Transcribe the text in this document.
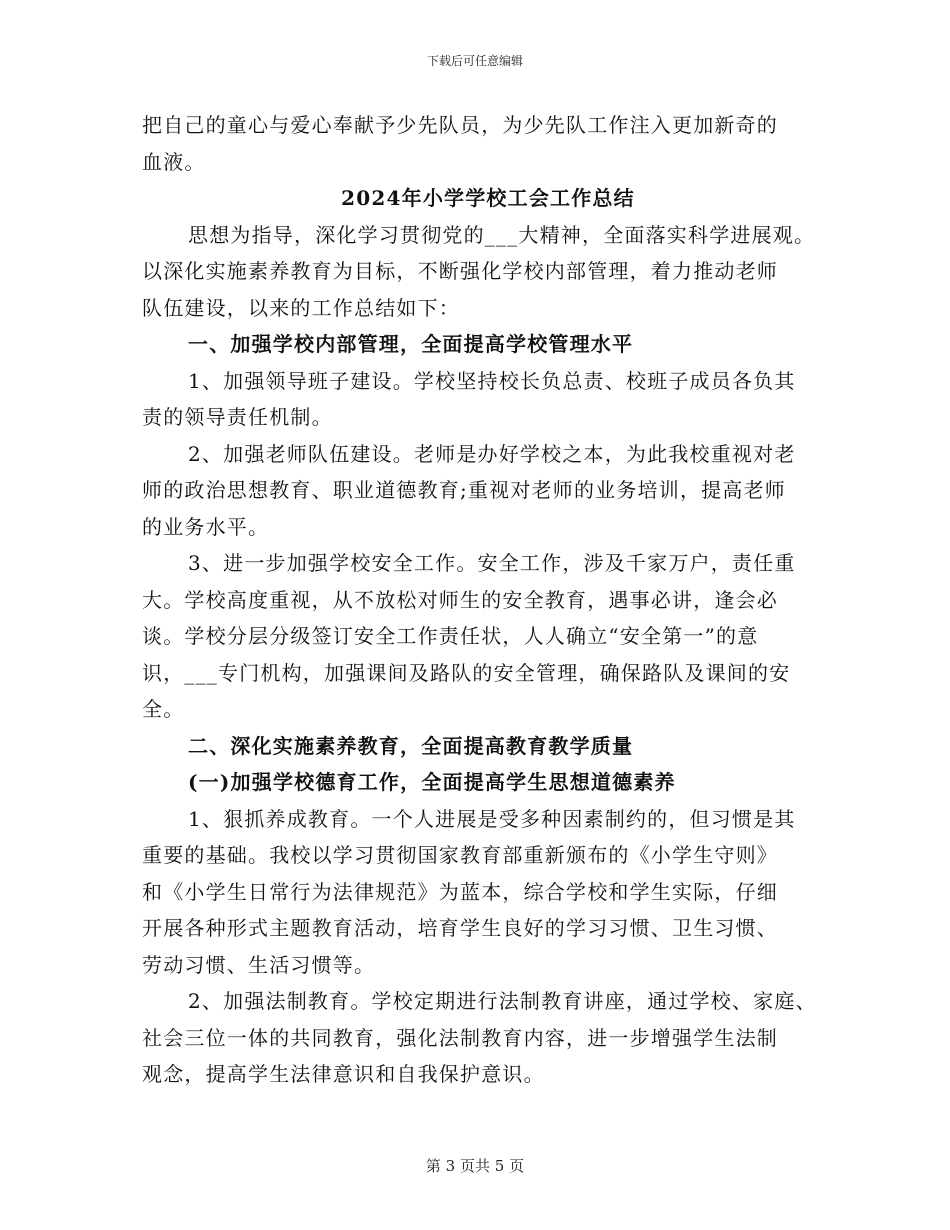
下载后可任意编辑
把自己的童心与爱心奉献予少先队员，为少先队工作注入更加新奇的
血液。
2024年小学学校工会工作总结
思想为指导，深化学习贯彻党的___大精神，全面落实科学进展观。
以深化实施素养教育为目标，不断强化学校内部管理，着力推动老师
队伍建设，以来的工作总结如下：
一、加强学校内部管理，全面提高学校管理水平
1、加强领导班子建设。学校坚持校长负总责、校班子成员各负其
责的领导责任机制。
2、加强老师队伍建设。老师是办好学校之本，为此我校重视对老
师的政治思想教育、职业道德教育;重视对老师的业务培训，提高老师
的业务水平。
3、进一步加强学校安全工作。安全工作，涉及千家万户，责任重
大。学校高度重视，从不放松对师生的安全教育，遇事必讲，逢会必
谈。学校分层分级签订安全工作责任状，人人确立“安全第一”的意
识，___专门机构，加强课间及路队的安全管理，确保路队及课间的安
全。
二、深化实施素养教育，全面提高教育教学质量
(一)加强学校德育工作，全面提高学生思想道德素养
1、狠抓养成教育。一个人进展是受多种因素制约的，但习惯是其
重要的基础。我校以学习贯彻国家教育部重新颁布的《小学生守则》
和《小学生日常行为法律规范》为蓝本，综合学校和学生实际，仔细
开展各种形式主题教育活动，培育学生良好的学习习惯、卫生习惯、
劳动习惯、生活习惯等。
2、加强法制教育。学校定期进行法制教育讲座，通过学校、家庭、
社会三位一体的共同教育，强化法制教育内容，进一步增强学生法制
观念，提高学生法律意识和自我保护意识。
第 3 页共 5 页
